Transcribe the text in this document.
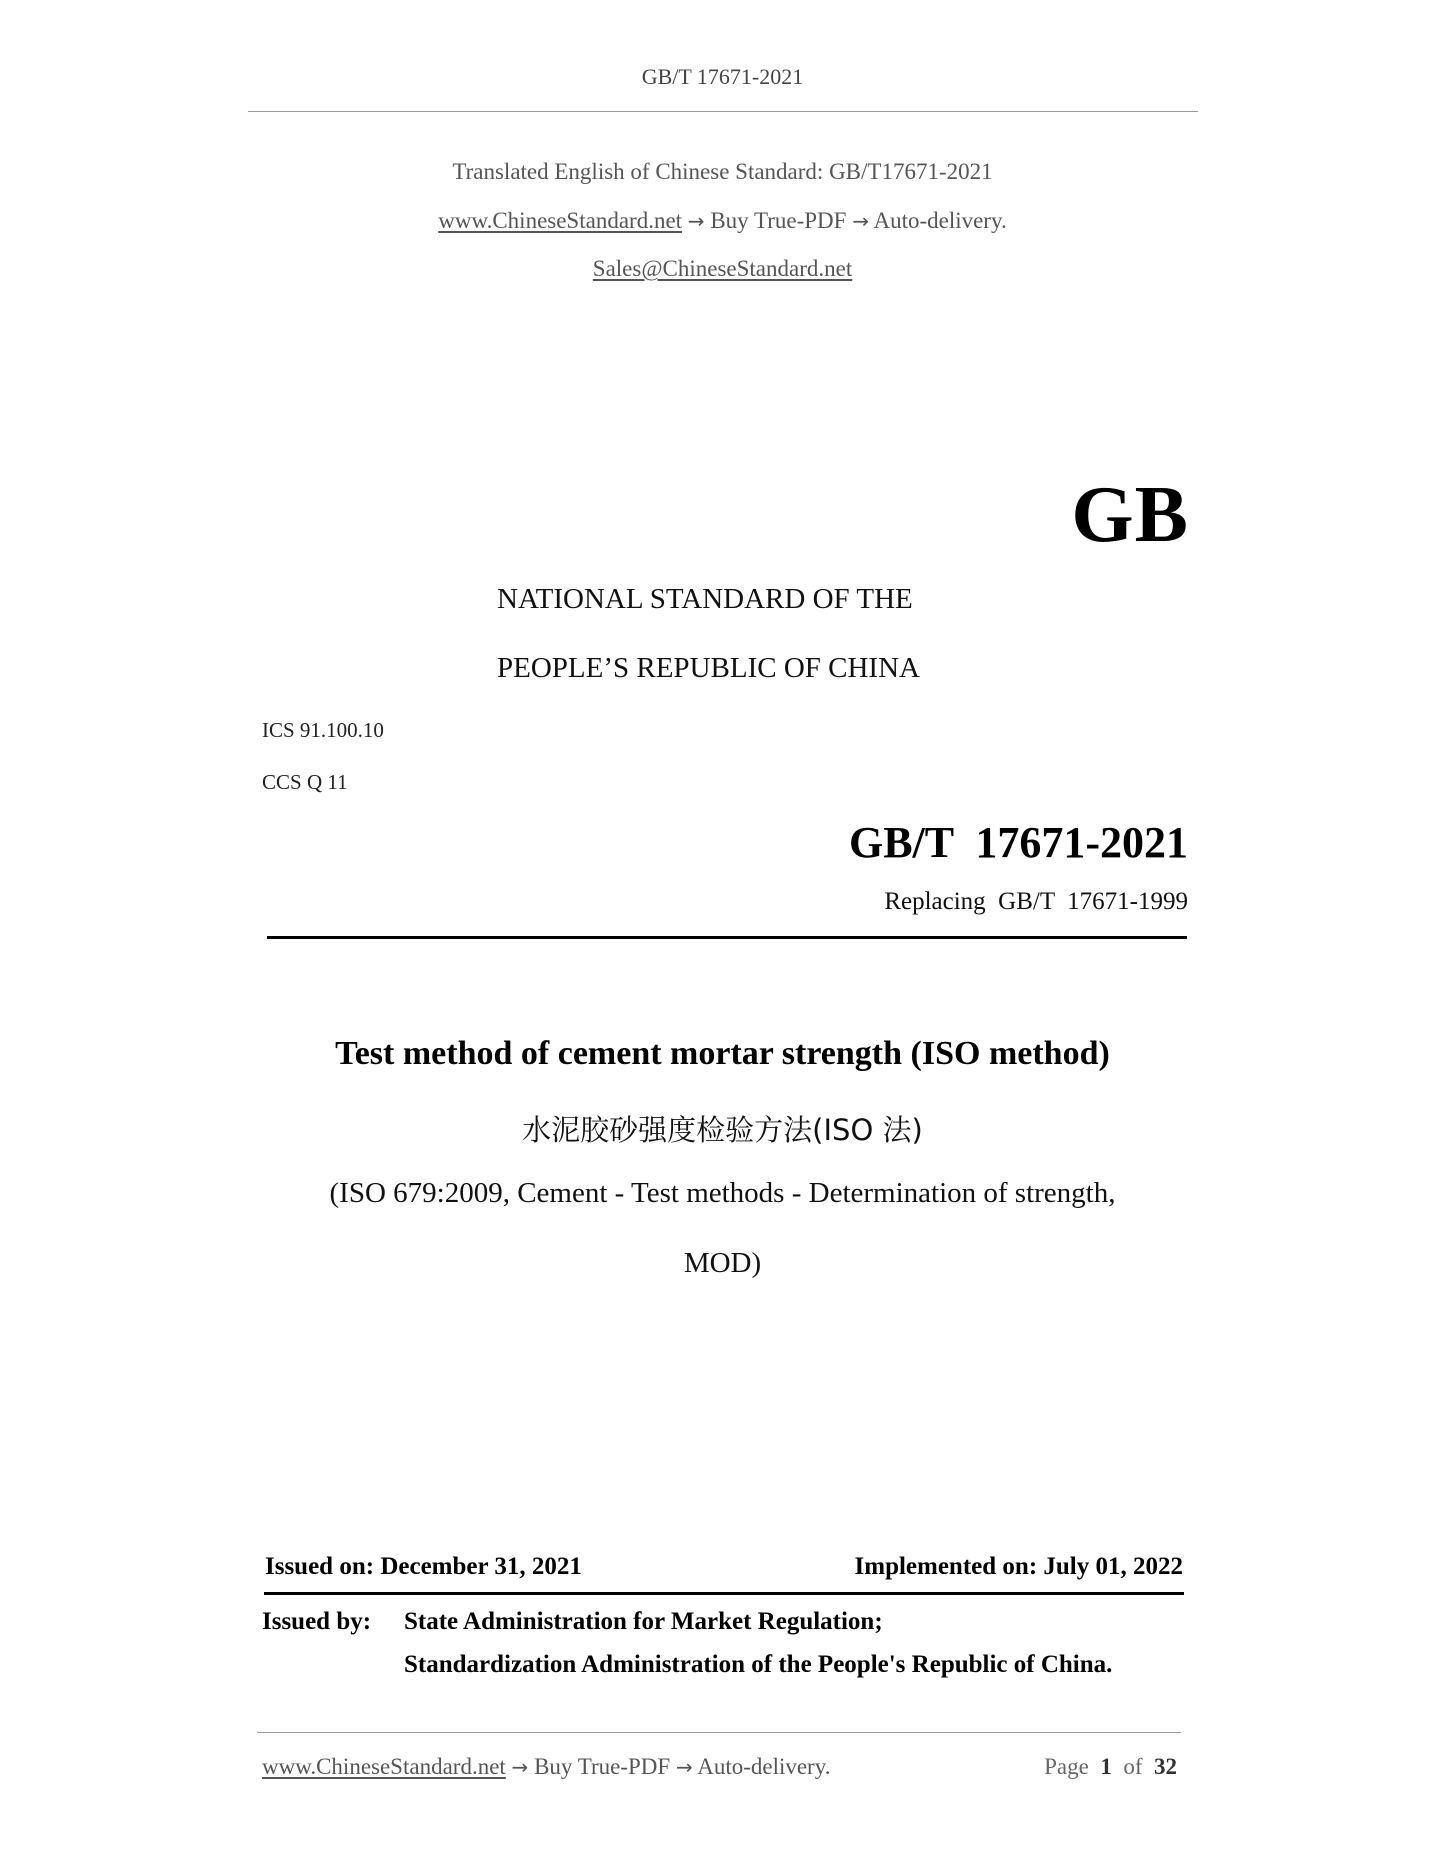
GB/T 17671-2021
Translated English of Chinese Standard: GB/T17671-2021
www.ChineseStandard.net → Buy True-PDF → Auto-delivery.
Sales@ChineseStandard.net
GB
NATIONAL STANDARD OF THE
PEOPLE’S REPUBLIC OF CHINA
ICS 91.100.10
CCS Q 11
GB/T  17671-2021
Replacing  GB/T  17671-1999
Test method of cement mortar strength (ISO method)
水泥胶砂强度检验方法(ISO 法)
(ISO 679:2009, Cement - Test methods - Determination of strength,
MOD)
Issued on: December 31, 2021	Implemented on: July 01, 2022
Issued by: State Administration for Market Regulation;
Standardization Administration of the People's Republic of China.
www.ChineseStandard.net → Buy True-PDF → Auto-delivery.	Page 1 of 32
